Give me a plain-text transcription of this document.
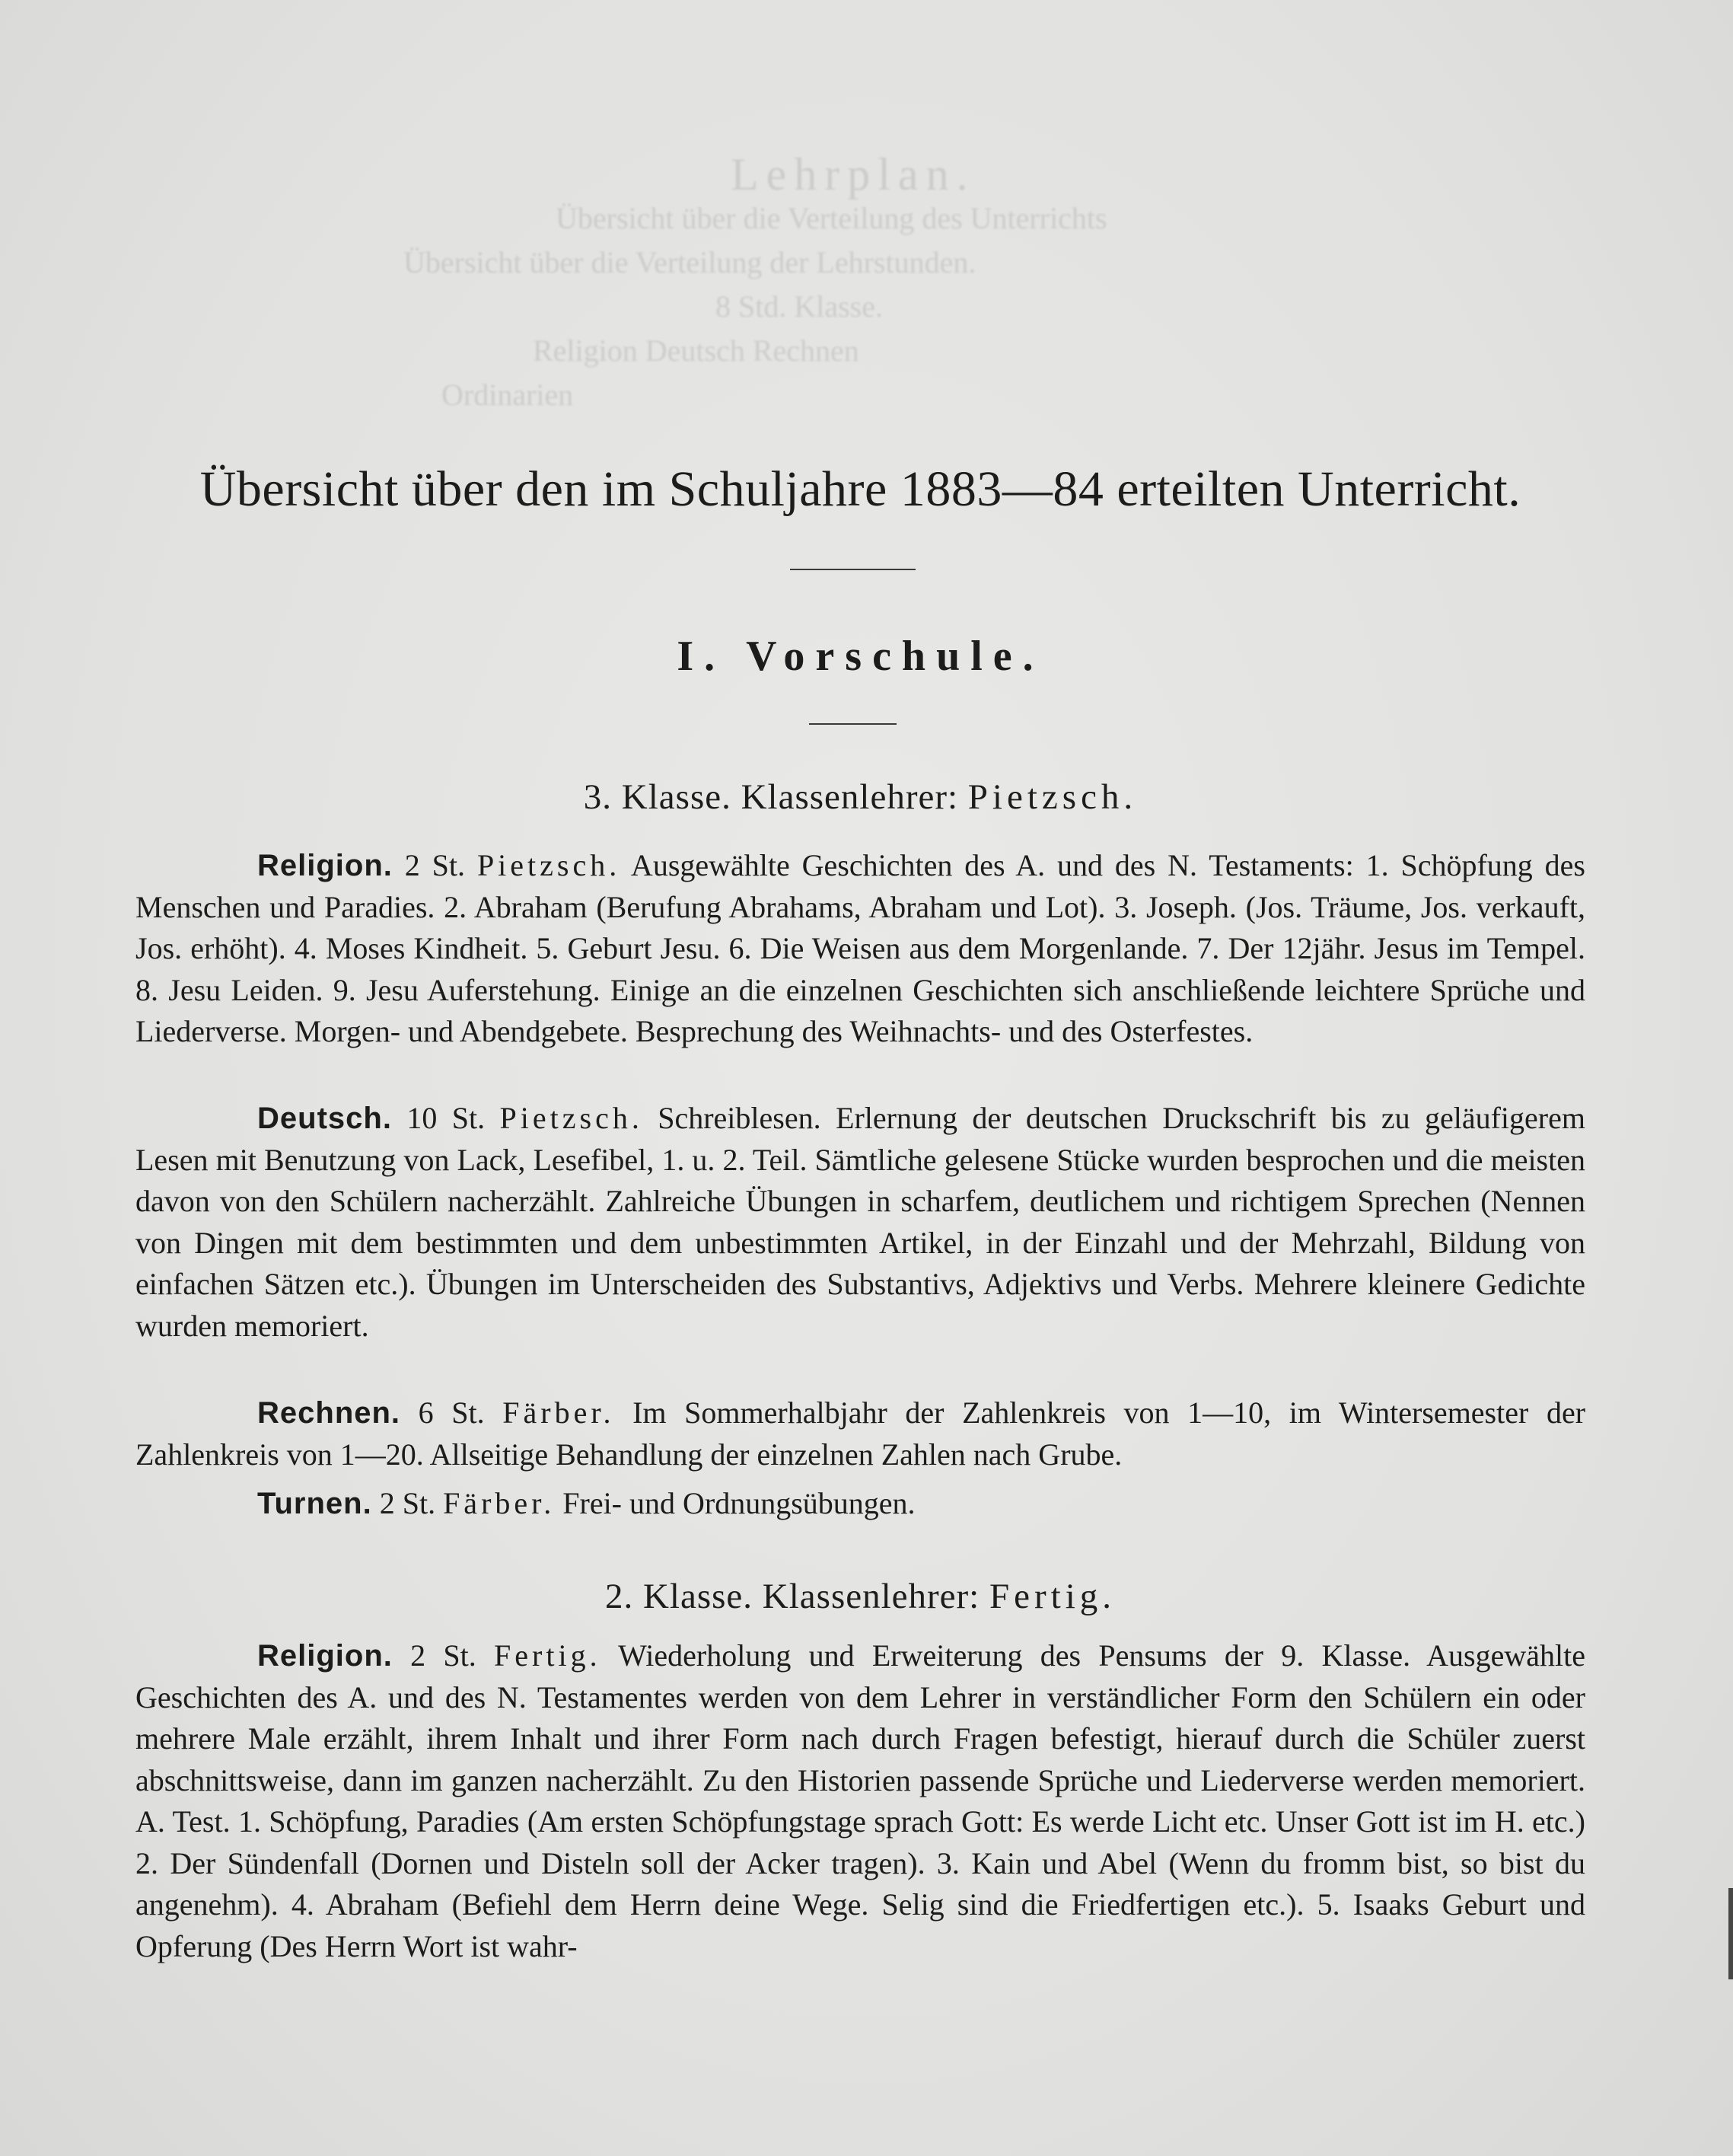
Lehrplan.
Übersicht über die Verteilung des Unterrichts
Übersicht über die Verteilung der Lehrstunden.
8 Std. Klasse.
Religion Deutsch Rechnen
Ordinarien
Übersicht über den im Schuljahre 1883—84 erteilten Unterricht.
I. Vorschule.
3. Klasse. Klassenlehrer: Pietzsch.

Religion. 2 St. Pietzsch. Ausgewählte Geschichten des A. und des N. Testaments: 1. Schöpfung des Menschen und Paradies. 2. Abraham (Berufung Abrahams, Abraham und Lot). 3. Joseph. (Jos. Träume, Jos. verkauft, Jos. erhöht). 4. Moses Kindheit. 5. Geburt Jesu. 6. Die Weisen aus dem Morgenlande. 7. Der 12jähr. Jesus im Tempel. 8. Jesu Leiden. 9. Jesu Auferstehung. Einige an die einzelnen Geschichten sich anschließende leichtere Sprüche und Liederverse. Morgen- und Abendgebete. Besprechung des Weihnachts- und des Osterfestes.

Deutsch. 10 St. Pietzsch. Schreiblesen. Erlernung der deutschen Druckschrift bis zu geläufigerem Lesen mit Benutzung von Lack, Lesefibel, 1. u. 2. Teil. Sämtliche gelesene Stücke wurden besprochen und die meisten davon von den Schülern nacherzählt. Zahlreiche Übungen in scharfem, deutlichem und richtigem Sprechen (Nennen von Dingen mit dem bestimmten und dem unbestimmten Artikel, in der Einzahl und der Mehrzahl, Bildung von einfachen Sätzen etc.). Übungen im Unterscheiden des Substantivs, Adjektivs und Verbs. Mehrere kleinere Gedichte wurden memoriert.

Rechnen. 6 St. Färber. Im Sommerhalbjahr der Zahlenkreis von 1—10, im Wintersemester der Zahlenkreis von 1—20. Allseitige Behandlung der einzelnen Zahlen nach Grube.

Turnen. 2 St. Färber. Frei- und Ordnungsübungen.

2. Klasse. Klassenlehrer: Fertig.

Religion. 2 St. Fertig. Wiederholung und Erweiterung des Pensums der 9. Klasse. Ausgewählte Geschichten des A. und des N. Testamentes werden von dem Lehrer in verständlicher Form den Schülern ein oder mehrere Male erzählt, ihrem Inhalt und ihrer Form nach durch Fragen befestigt, hierauf durch die Schüler zuerst abschnittsweise, dann im ganzen nacherzählt. Zu den Historien passende Sprüche und Liederverse werden memoriert. A. Test. 1. Schöpfung, Paradies (Am ersten Schöpfungstage sprach Gott: Es werde Licht etc. Unser Gott ist im H. etc.) 2. Der Sündenfall (Dornen und Disteln soll der Acker tragen). 3. Kain und Abel (Wenn du fromm bist, so bist du angenehm). 4. Abraham (Befiehl dem Herrn deine Wege. Selig sind die Friedfertigen etc.). 5. Isaaks Geburt und Opferung (Des Herrn Wort ist wahr-
